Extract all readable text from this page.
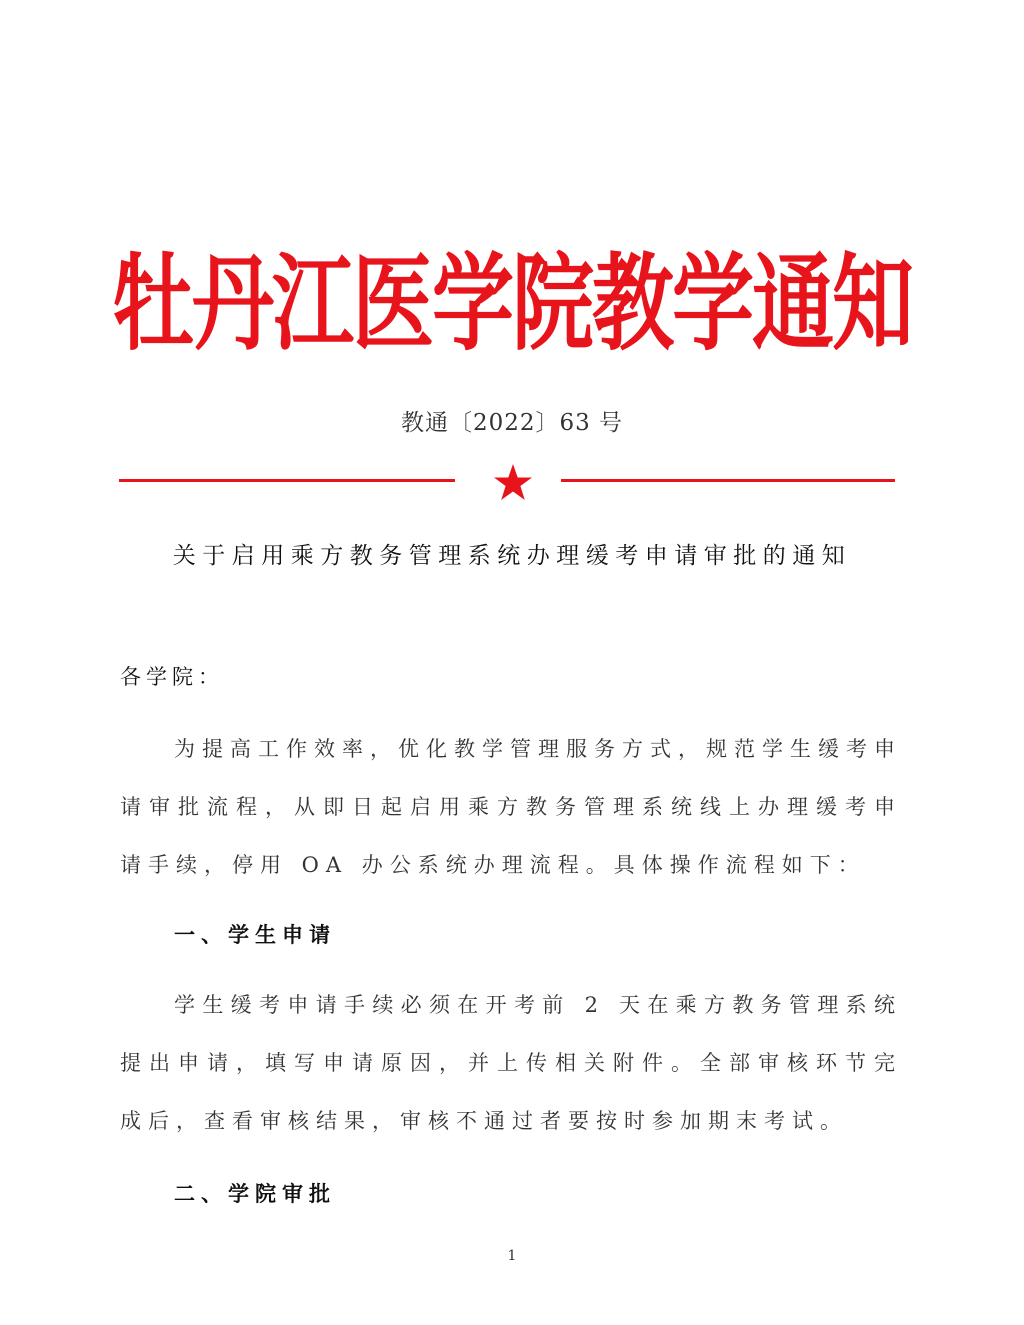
牡丹江医学院教学通知
教通〔2022〕63 号
关于启用乘方教务管理系统办理缓考申请审批的通知
各学院：
为提高工作效率，优化教学管理服务方式，规范学生缓考申请审批流程，从即日起启用乘方教务管理系统线上办理缓考申请手续，停用 OA 办公系统办理流程。具体操作流程如下：
一、学生申请
学生缓考申请手续必须在开考前 2 天在乘方教务管理系统提出申请，填写申请原因，并上传相关附件。全部审核环节完成后，查看审核结果，审核不通过者要按时参加期末考试。
二、学院审批
1
